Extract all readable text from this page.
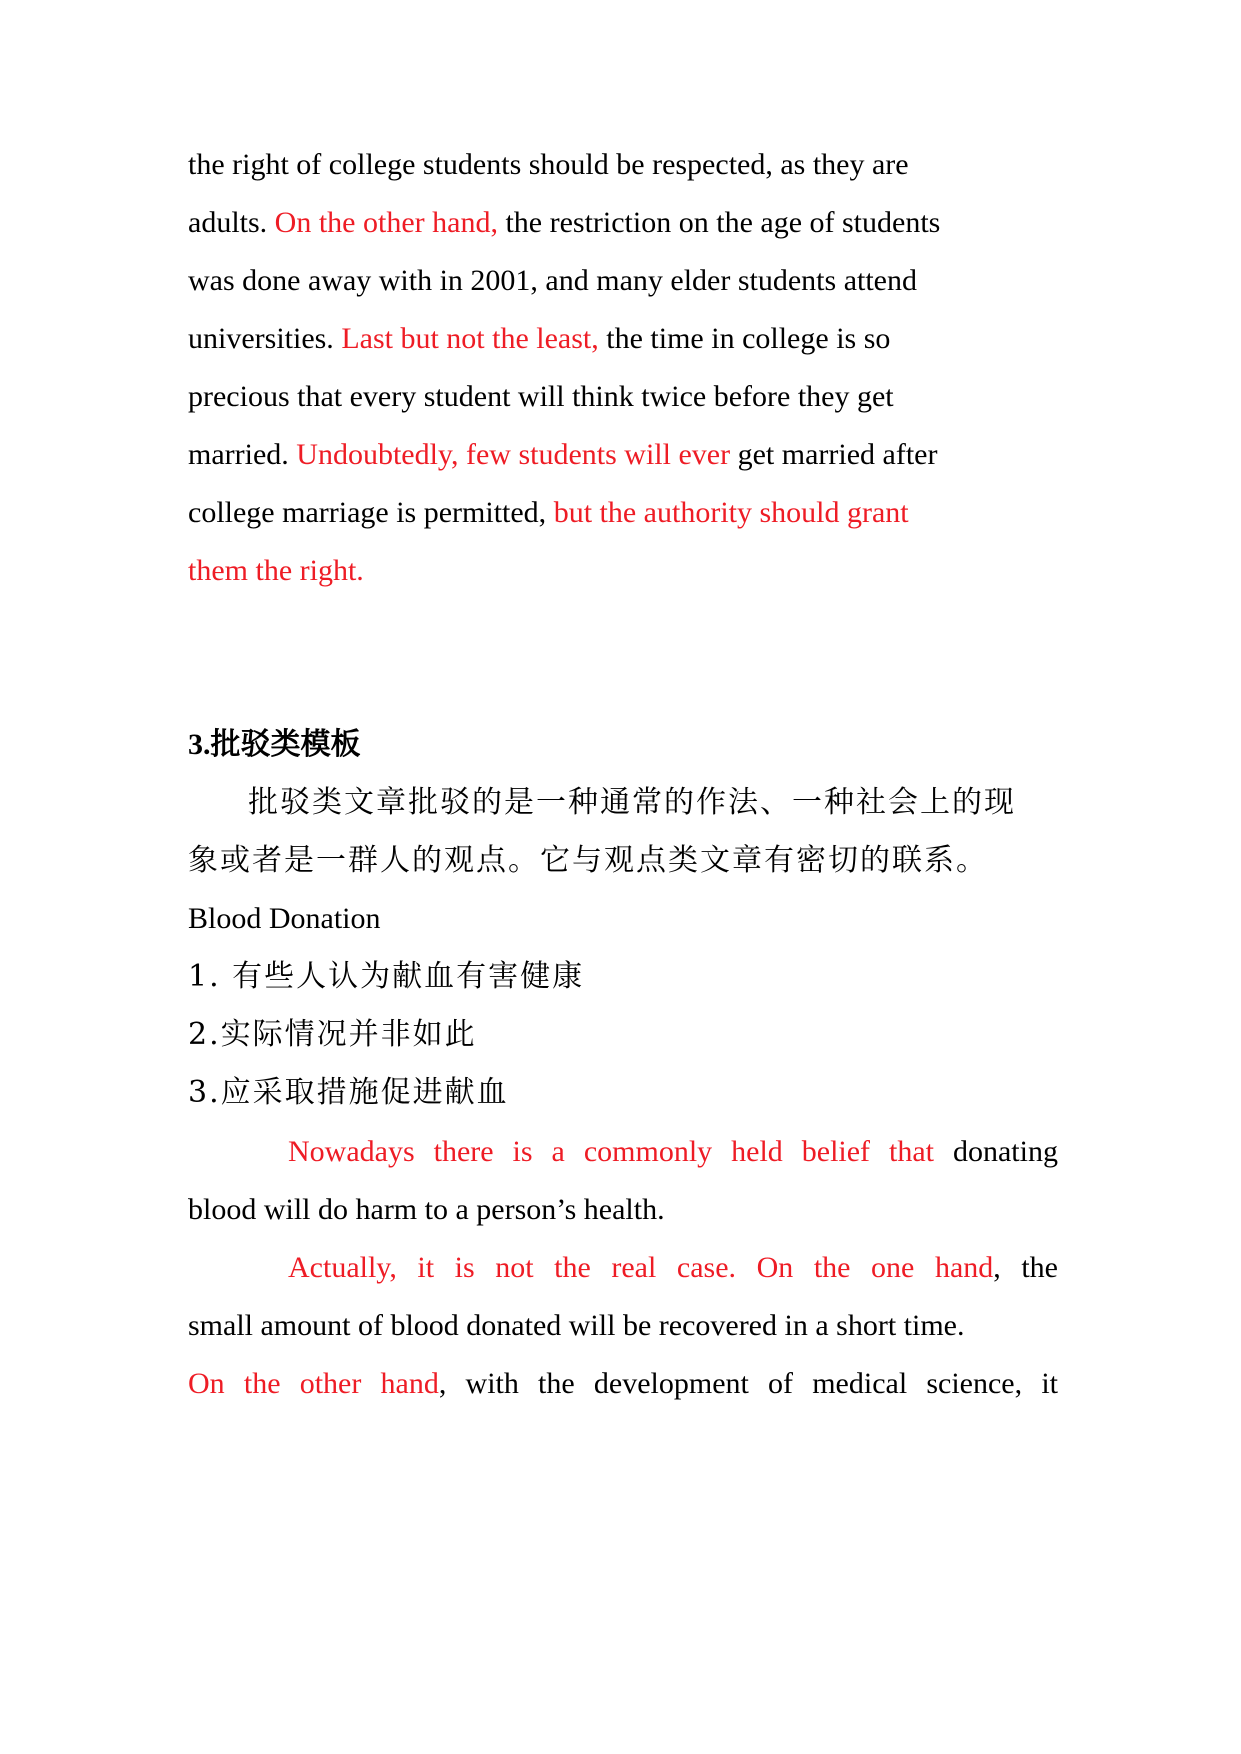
the right of college students should be respected, as they are
adults. On the other hand, the restriction on the age of students
was done away with in 2001, and many elder students attend
universities. Last but not the least, the time in college is so
precious that every student will think twice before they get
married. Undoubtedly, few students will ever get married after
college marriage is permitted, but the authority should grant
them the right.
3.批驳类模板
批驳类文章批驳的是一种通常的作法、一种社会上的现
象或者是一群人的观点。它与观点类文章有密切的联系。
Blood Donation
1. 有些人认为献血有害健康
2.实际情况并非如此
3.应采取措施促进献血
Nowadays there is a commonly held belief that donating
blood will do harm to a person’s health.
Actually, it is not the real case. On the one hand, the
small amount of blood donated will be recovered in a short time.
On the other hand, with the development of medical science, it
